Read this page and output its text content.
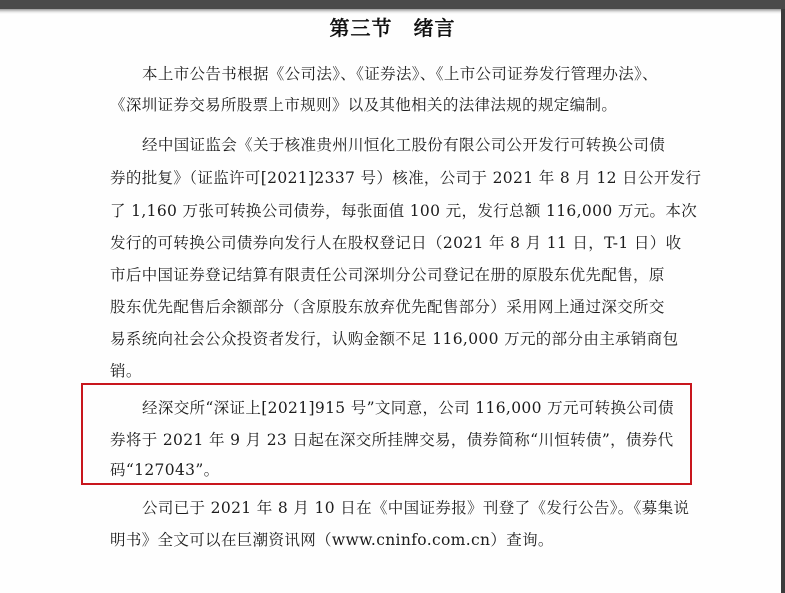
第三节　绪言
本上市公告书根据《公司法》、《证券法》、《上市公司证券发行管理办法》、
《深圳证券交易所股票上市规则》以及其他相关的法律法规的规定编制。
经中国证监会《关于核准贵州川恒化工股份有限公司公开发行可转换公司债
券的批复》（证监许可[2021]2337 号）核准，公司于 2021 年 8 月 12 日公开发行
了 1,160 万张可转换公司债券，每张面值 100 元，发行总额 116,000 万元。本次
发行的可转换公司债券向发行人在股权登记日（2021 年 8 月 11 日，T-1 日）收
市后中国证券登记结算有限责任公司深圳分公司登记在册的原股东优先配售，原
股东优先配售后余额部分（含原股东放弃优先配售部分）采用网上通过深交所交
易系统向社会公众投资者发行，认购金额不足 116,000 万元的部分由主承销商包
销。
经深交所“深证上[2021]915 号”文同意，公司 116,000 万元可转换公司债
券将于 2021 年 9 月 23 日起在深交所挂牌交易，债券简称“川恒转债”，债券代
码“127043”。
公司已于 2021 年 8 月 10 日在《中国证券报》刊登了《发行公告》。《募集说
明书》全文可以在巨潮资讯网（www.cninfo.com.cn）查询。
